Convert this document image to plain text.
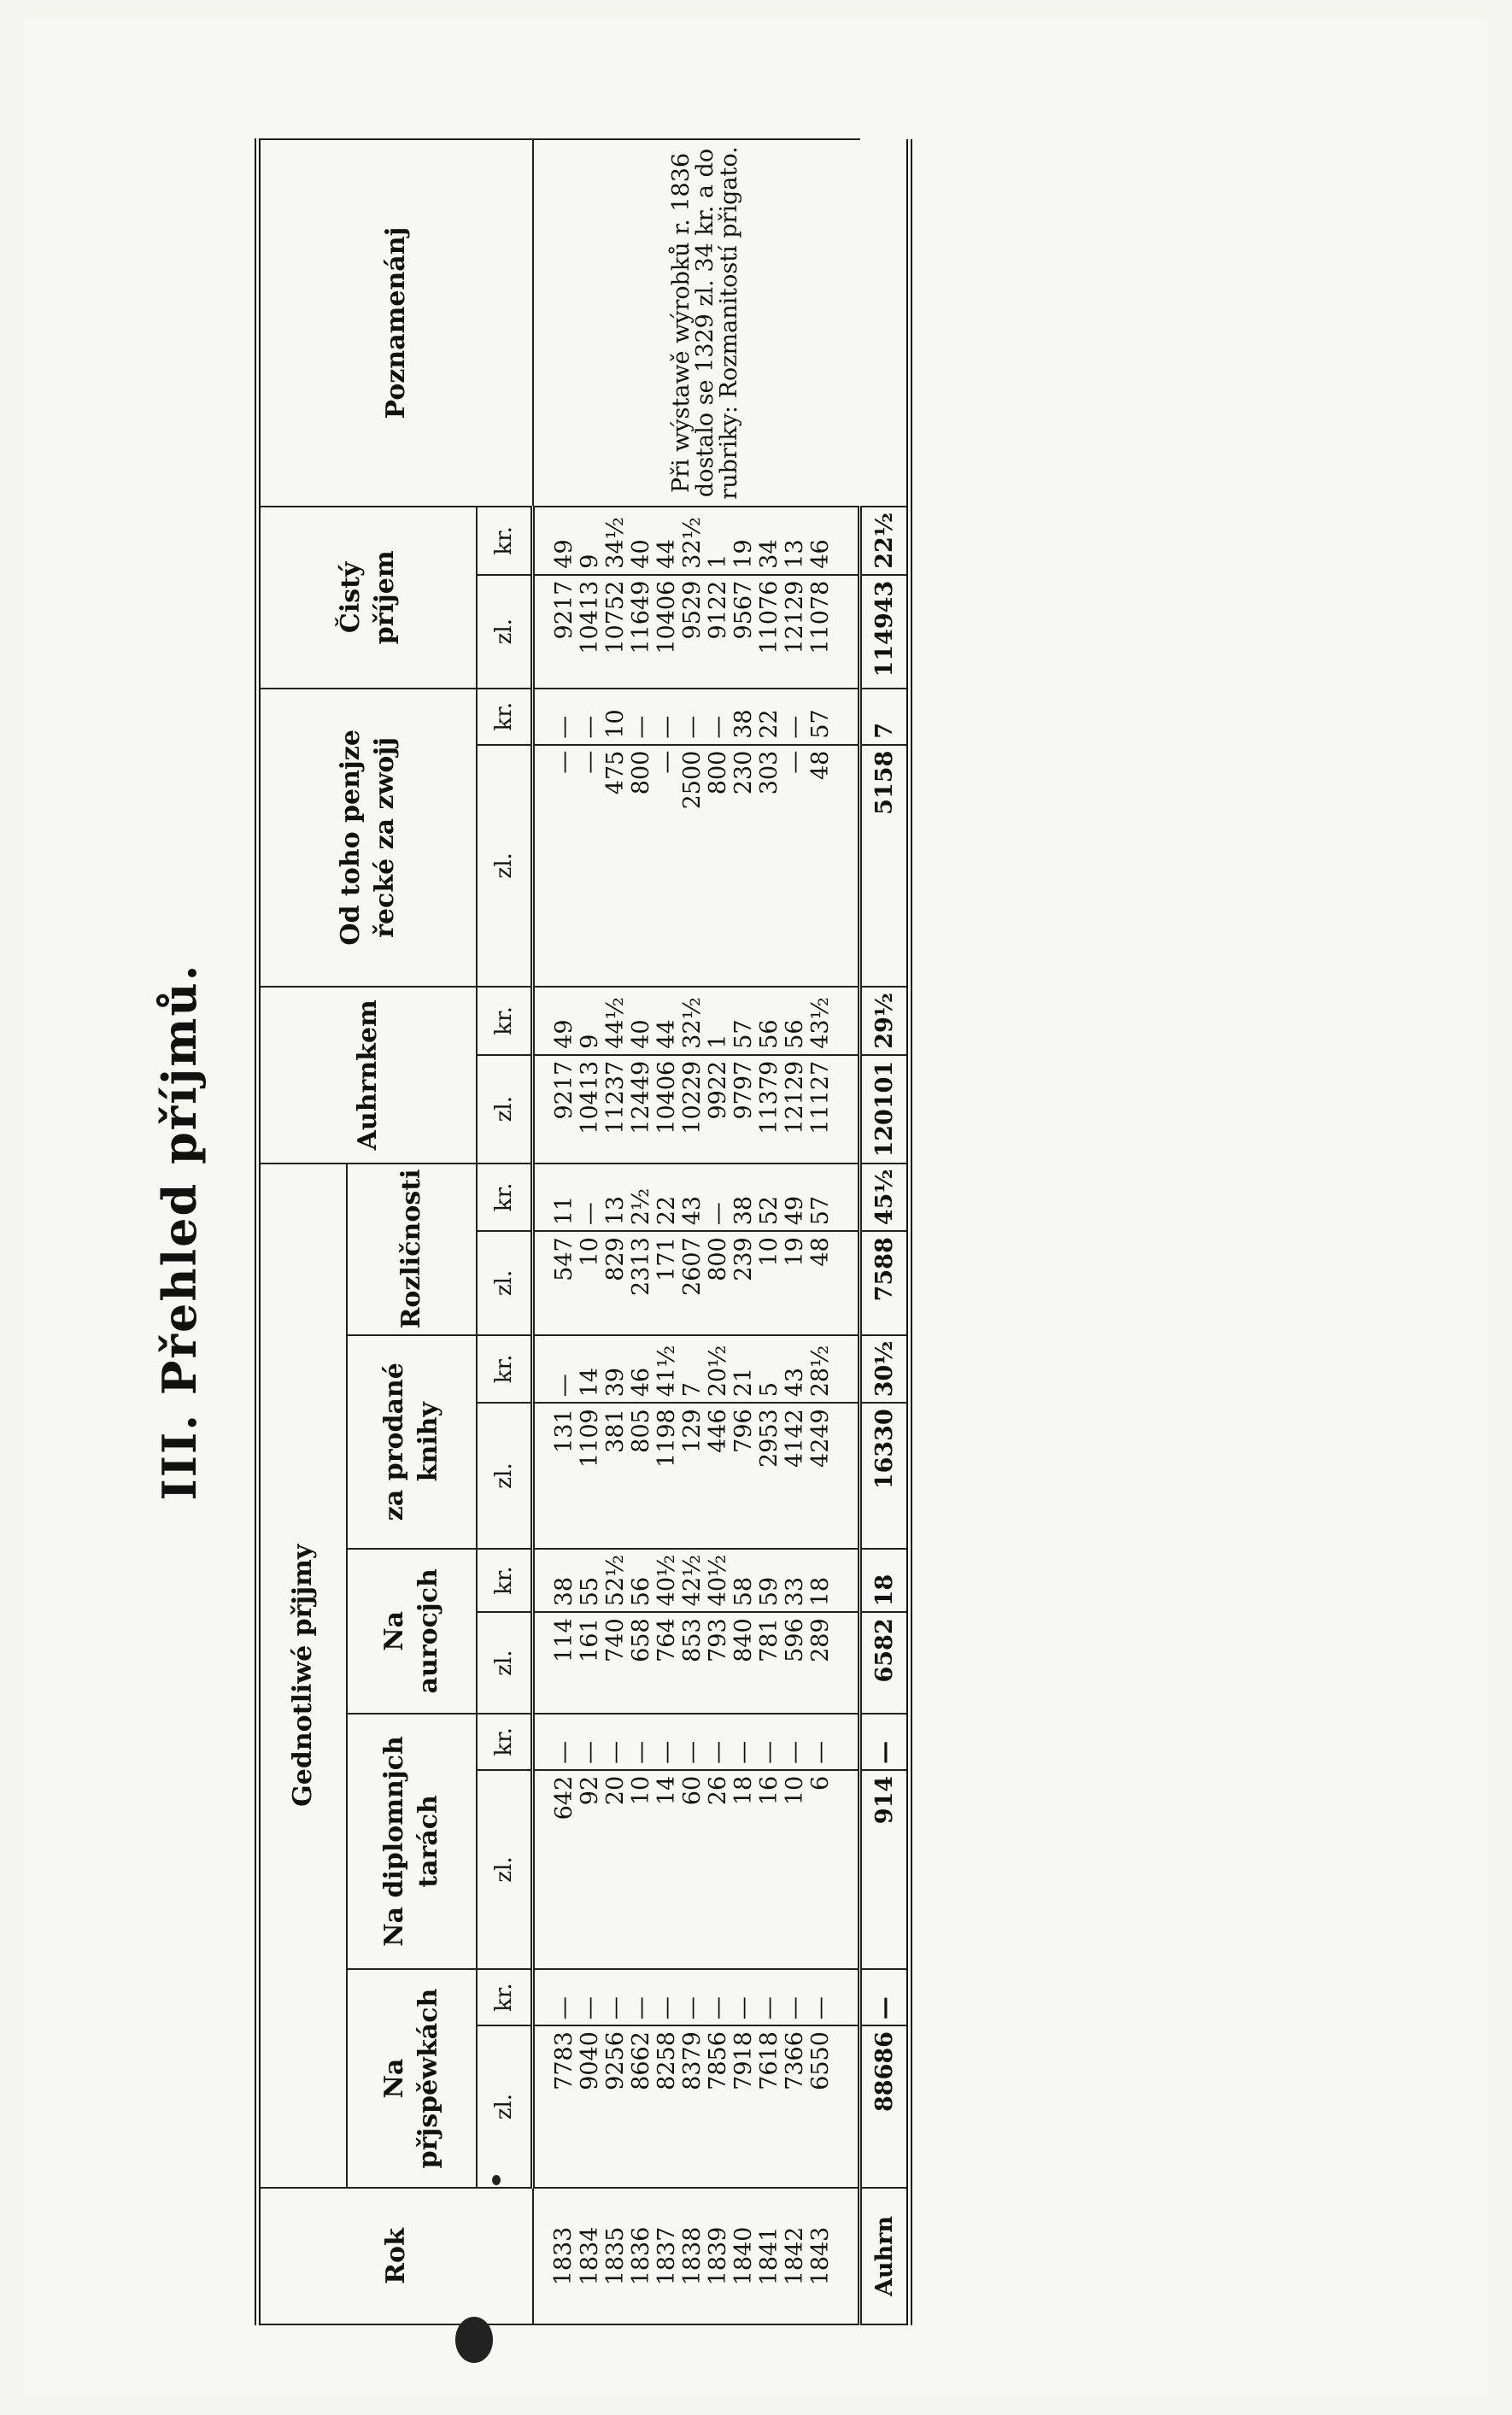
III. Přehled příjmů.
Rok	Gednotliwé přjjmy										Auhrnkem		Od toho penjze řecké za zwojj		Čistý příjem		Poznamenánj
	Na přjspěwkách		Na diplomnjch tarách		Na aurocjch		za prodané knihy		Rozličnosti								
	zl.	kr.	zl.	kr.	zl.	kr.	zl.	kr.	zl.	kr.	zl.	kr.	zl.	kr.	zl.	kr.	
1833	7783	—	642	—	114	38	131	—	547	11	9217	49	—	—	9217	49	Při wýstawě wýrobků r. 1836 dostalo se 1329 zl. 34 kr. a do rubriky: Rozmanitostí přigato.
1834	9040	—	92	—	161	55	1109	14	10	—	10413	9	—	—	10413	9	
1835	9256	—	20	—	740	52½	381	39	829	13	11237	44½	475	10	10752	34½	
1836	8662	—	10	—	658	56	805	46	2313	2½	12449	40	800	—	11649	40	
1837	8258	—	14	—	764	40½	1198	41½	171	22	10406	44	—	—	10406	44	
1838	8379	—	60	—	853	42½	129	7	2607	43	10229	32½	2500	—	9529	32½	
1839	7856	—	26	—	793	40½	446	20½	800	—	9922	1	800	—	9122	1	
1840	7918	—	18	—	840	58	796	21	239	38	9797	57	230	38	9567	19	
1841	7618	—	16	—	781	59	2953	5	10	52	11379	56	303	22	11076	34	
1842	7366	—	10	—	596	33	4142	43	19	49	12129	56	—	—	12129	13	
1843	6550	—	6	—	289	18	4249	28½	48	57	11127	43½	48	57	11078	46	
Auhrn	88686	—	914	—	6582	18	16330	30½	7588	45½	120101	29½	5158	7	114943	22½	
